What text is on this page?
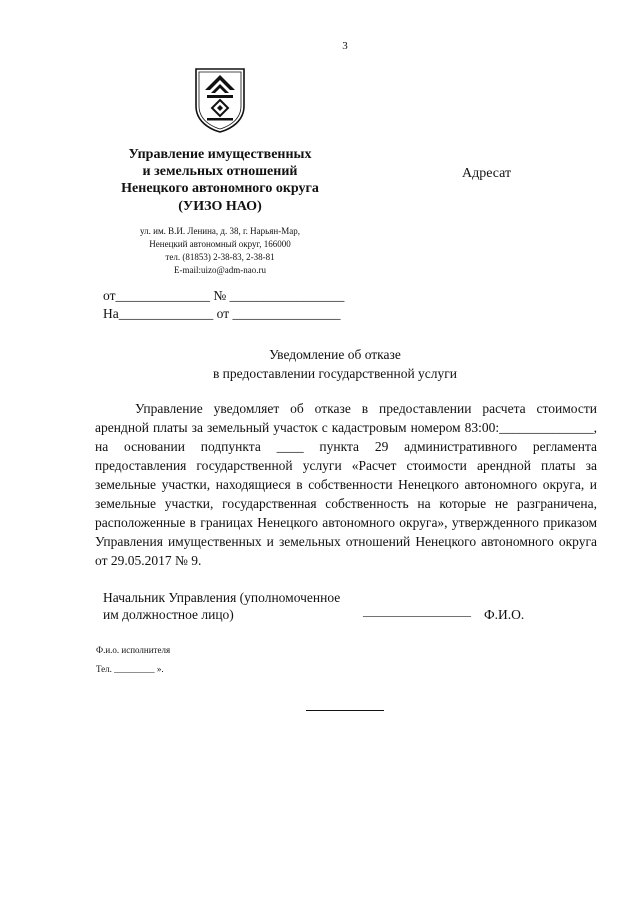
3
Управление имущественных
и земельных отношений
Ненецкого автономного округа
(УИЗО НАО)
ул. им. В.И. Ленина, д. 38, г. Нарьян-Мар,
Ненецкий автономный округ, 166000
тел. (81853) 2-38-83, 2-38-81
E-mail:uizo@adm-nao.ru
Адресат
от______________ № _________________
На______________ от ________________
Уведомление об отказе
в предоставлении государственной услуги
Управление уведомляет об отказе в предоставлении расчета стоимости арендной платы за земельный участок с кадастровым номером 83:00:______________, на основании подпункта ____ пункта 29 административного регламента предоставления государственной услуги «Расчет стоимости арендной платы за земельные участки, находящиеся в собственности Ненецкого автономного округа, и земельные участки, государственная собственность на которые не разграничена, расположенные в границах Ненецкого автономного округа», утвержденного приказом Управления имущественных и земельных отношений Ненецкого автономного округа от 29.05.2017 № 9.
Начальник Управления (уполномоченное
им должностное лицо)	__________________ Ф.И.О.
Ф.и.о. исполнителя
Тел. _________ ».
